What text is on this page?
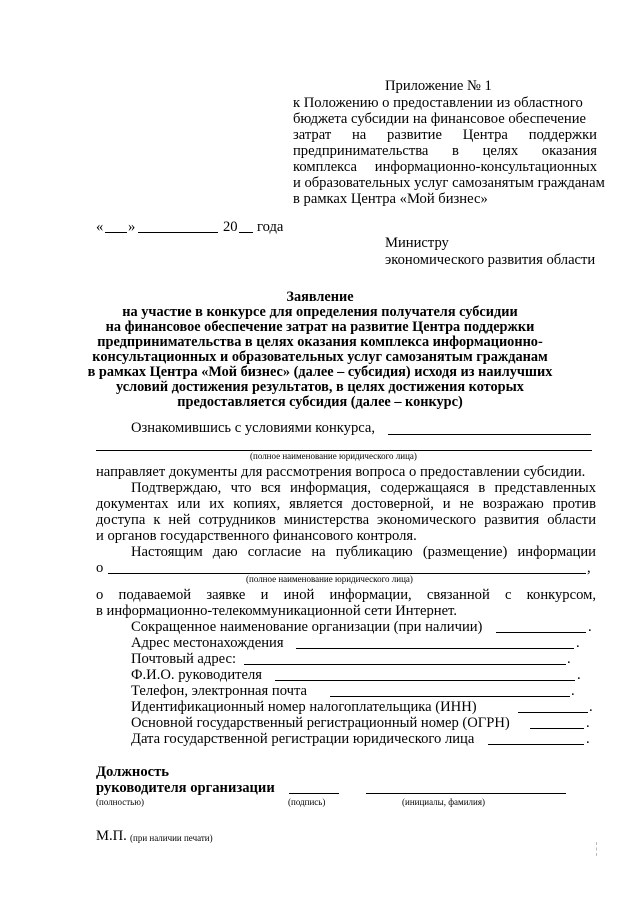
Приложение № 1
к Положению о предоставлении из областного
бюджета субсидии на финансовое обеспечение
затрат на развитие Центра поддержки
предпринимательства в целях оказания
комплекса информационно-консультационных
и образовательных услуг самозанятым гражданам
в рамках Центра «Мой бизнес»
« »	20 года
Министру
экономического развития области
Заявление
на участие в конкурсе для определения получателя субсидии
на финансовое обеспечение затрат на развитие Центра поддержки
предпринимательства в целях оказания комплекса информационно-
консультационных и образовательных услуг самозанятым гражданам
в рамках Центра «Мой бизнес» (далее – субсидия) исходя из наилучших
условий достижения результатов, в целях достижения которых
предоставляется субсидия (далее – конкурс)
Ознакомившись с условиями конкурса,
(полное наименование юридического лица)
направляет документы для рассмотрения вопроса о предоставлении субсидии.
Подтверждаю, что вся информация, содержащаяся в представленных
документах или их копиях, является достоверной, и не возражаю против
доступа к ней сотрудников министерства экономического развития области
и органов государственного финансового контроля.
Настоящим даю согласие на публикацию (размещение) информации
о	,
(полное наименование юридического лица)
о подаваемой заявке и иной информации, связанной с конкурсом,
в информационно-телекоммуникационной сети Интернет.
Сокращенное наименование организации (при наличии)	.
Адрес местонахождения	.
Почтовый адрес:	.
Ф.И.О. руководителя	.
Телефон, электронная почта	.
Идентификационный номер налогоплательщика (ИНН)	.
Основной государственный регистрационный номер (ОГРН)	.
Дата государственной регистрации юридического лица	.
Должность
руководителя организации
(полностью)	(подпись)	(инициалы, фамилия)
М.П. (при наличии печати)
